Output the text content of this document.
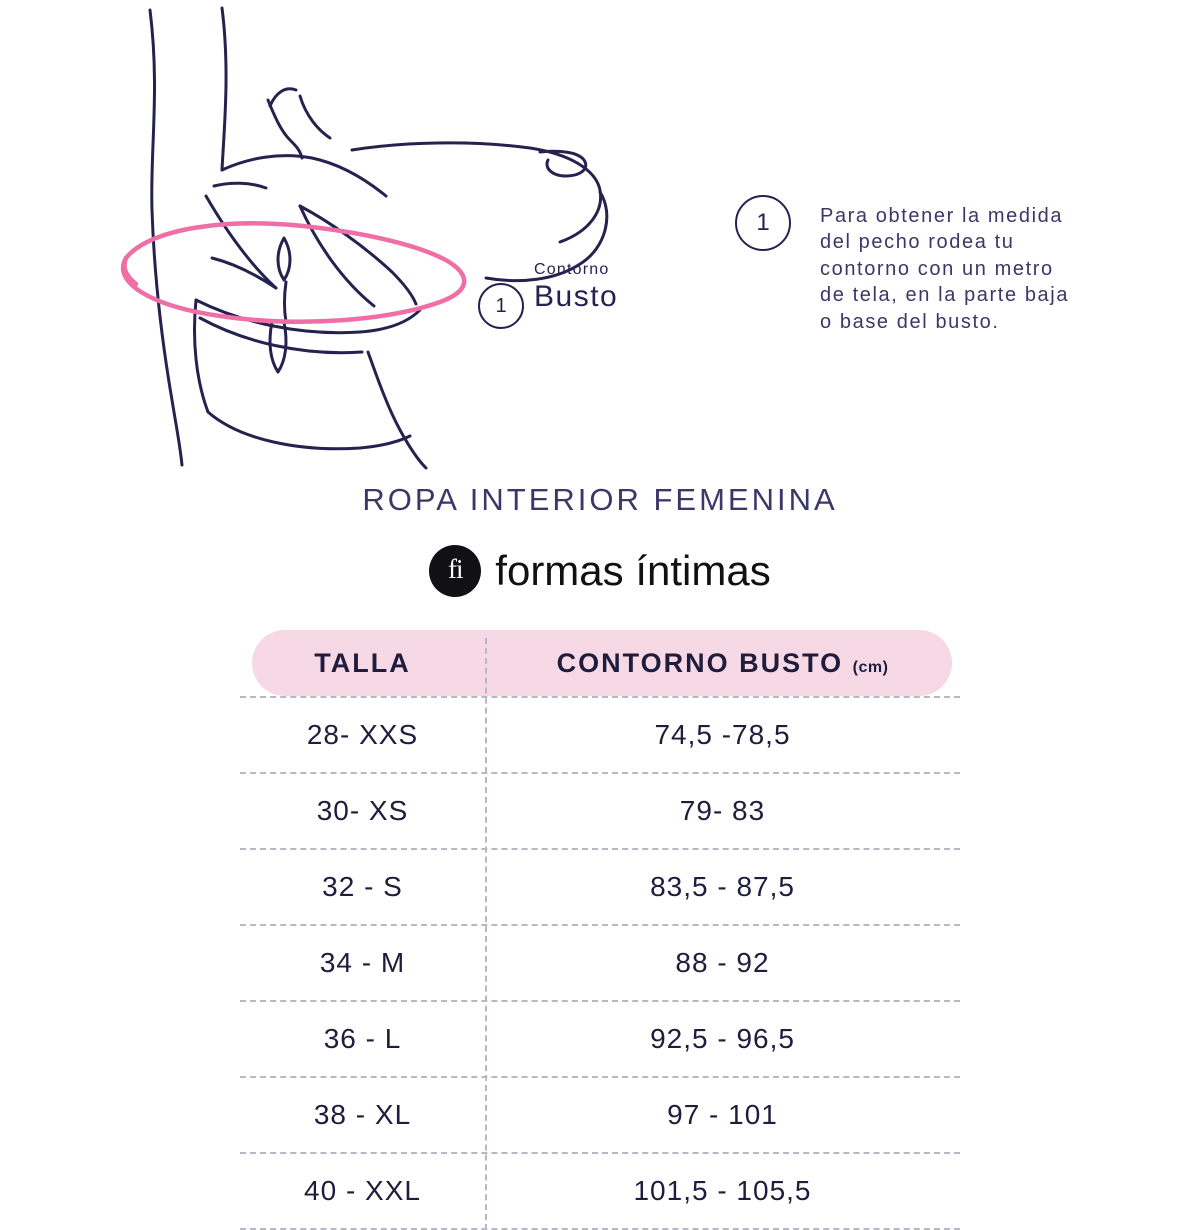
1
Contorno
Busto
1	Para obtener la medida del pecho rodea tu contorno con un metro de tela, en la parte baja o base del busto.
ROPA INTERIOR FEMENINA
fi formas íntimas
TALLA	CONTORNO BUSTO (cm)
28- XXS	74,5 -78,5
30- XS	79- 83
32 - S	83,5 - 87,5
34 - M	88 - 92
36 - L	92,5 - 96,5
38 - XL	97 - 101
40 - XXL	101,5 - 105,5
